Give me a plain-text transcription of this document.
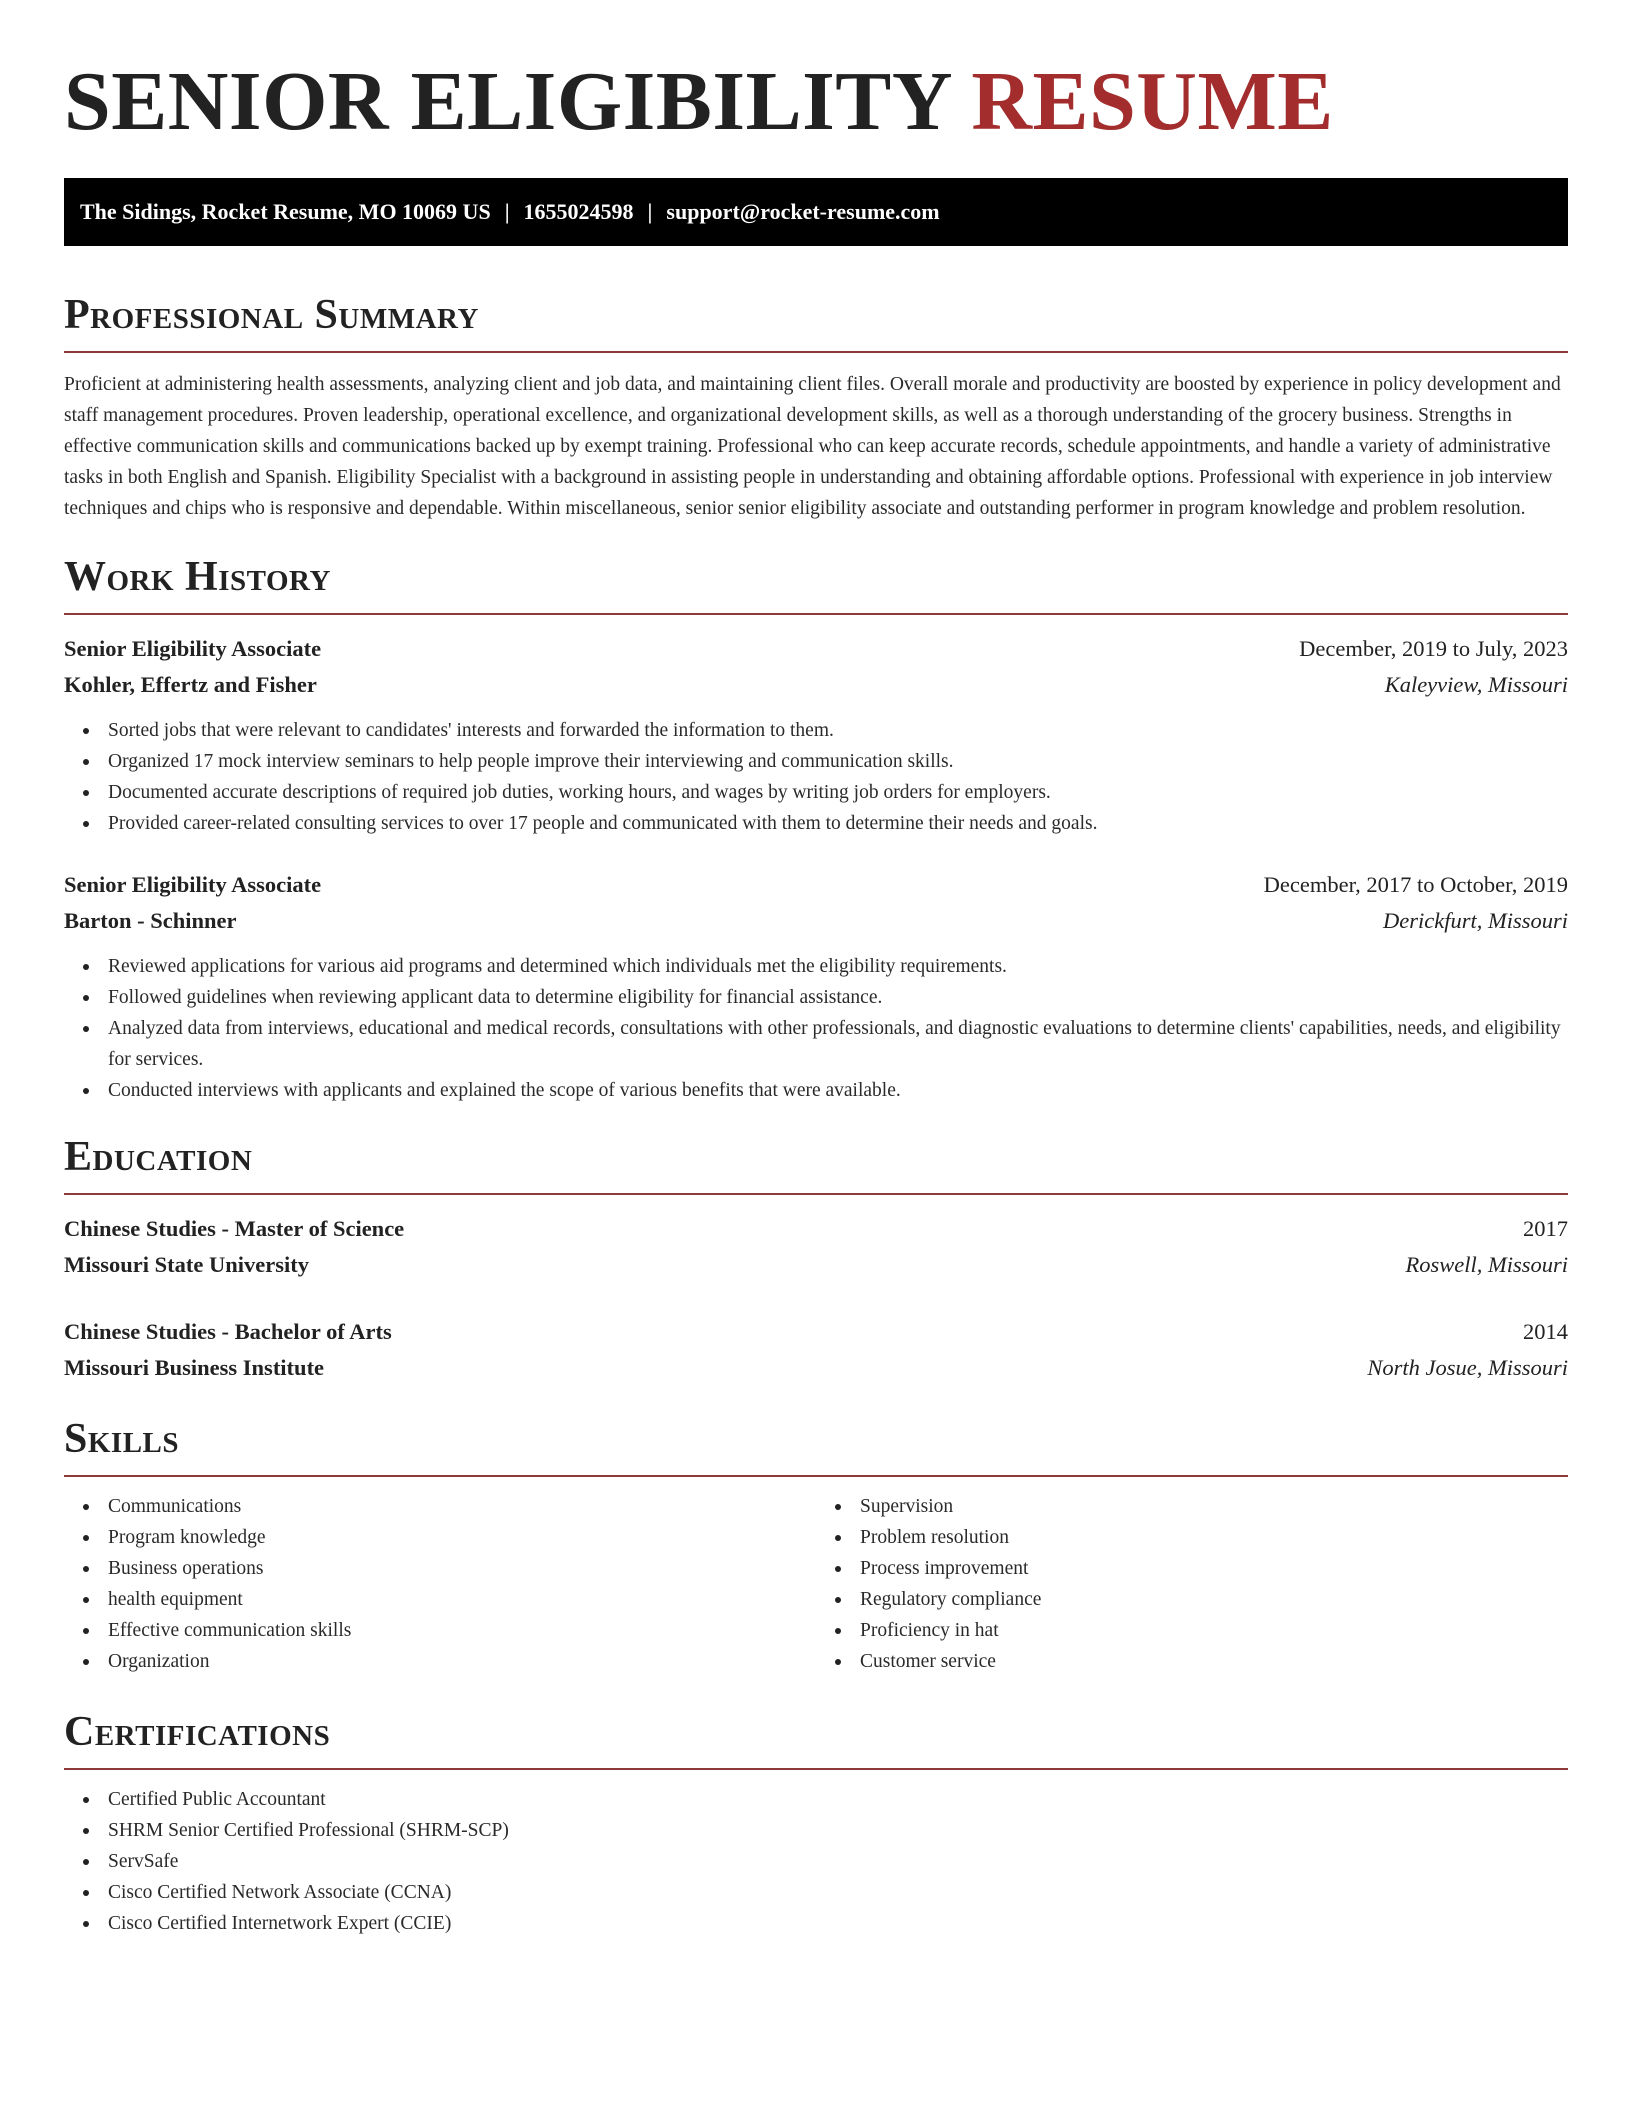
SENIOR ELIGIBILITY RESUME
The Sidings, Rocket Resume, MO 10069 US | 1655024598 | support@rocket-resume.com
Professional Summary

Proficient at administering health assessments, analyzing client and job data, and maintaining client files. Overall morale and productivity are boosted by experience in policy development and staff management procedures. Proven leadership, operational excellence, and organizational development skills, as well as a thorough understanding of the grocery business. Strengths in effective communication skills and communications backed up by exempt training. Professional who can keep accurate records, schedule appointments, and handle a variety of administrative tasks in both English and Spanish. Eligibility Specialist with a background in assisting people in understanding and obtaining affordable options. Professional with experience in job interview techniques and chips who is responsive and dependable. Within miscellaneous, senior senior eligibility associate and outstanding performer in program knowledge and problem resolution.

Work History
Senior Eligibility Associate	December, 2019 to July, 2023
Kohler, Effertz and Fisher	Kaleyview, Missouri
Sorted jobs that were relevant to candidates' interests and forwarded the information to them.
Organized 17 mock interview seminars to help people improve their interviewing and communication skills.
Documented accurate descriptions of required job duties, working hours, and wages by writing job orders for employers.
Provided career-related consulting services to over 17 people and communicated with them to determine their needs and goals.
Senior Eligibility Associate	December, 2017 to October, 2019
Barton - Schinner	Derickfurt, Missouri
Reviewed applications for various aid programs and determined which individuals met the eligibility requirements.
Followed guidelines when reviewing applicant data to determine eligibility for financial assistance.
Analyzed data from interviews, educational and medical records, consultations with other professionals, and diagnostic evaluations to determine clients' capabilities, needs, and eligibility for services.
Conducted interviews with applicants and explained the scope of various benefits that were available.
Education
Chinese Studies - Master of Science	2017
Missouri State University	Roswell, Missouri
Chinese Studies - Bachelor of Arts	2014
Missouri Business Institute	North Josue, Missouri
Skills
Communications
Program knowledge
Business operations
health equipment
Effective communication skills
Organization
Supervision
Problem resolution
Process improvement
Regulatory compliance
Proficiency in hat
Customer service
Certifications
Certified Public Accountant
SHRM Senior Certified Professional (SHRM-SCP)
ServSafe
Cisco Certified Network Associate (CCNA)
Cisco Certified Internetwork Expert (CCIE)
